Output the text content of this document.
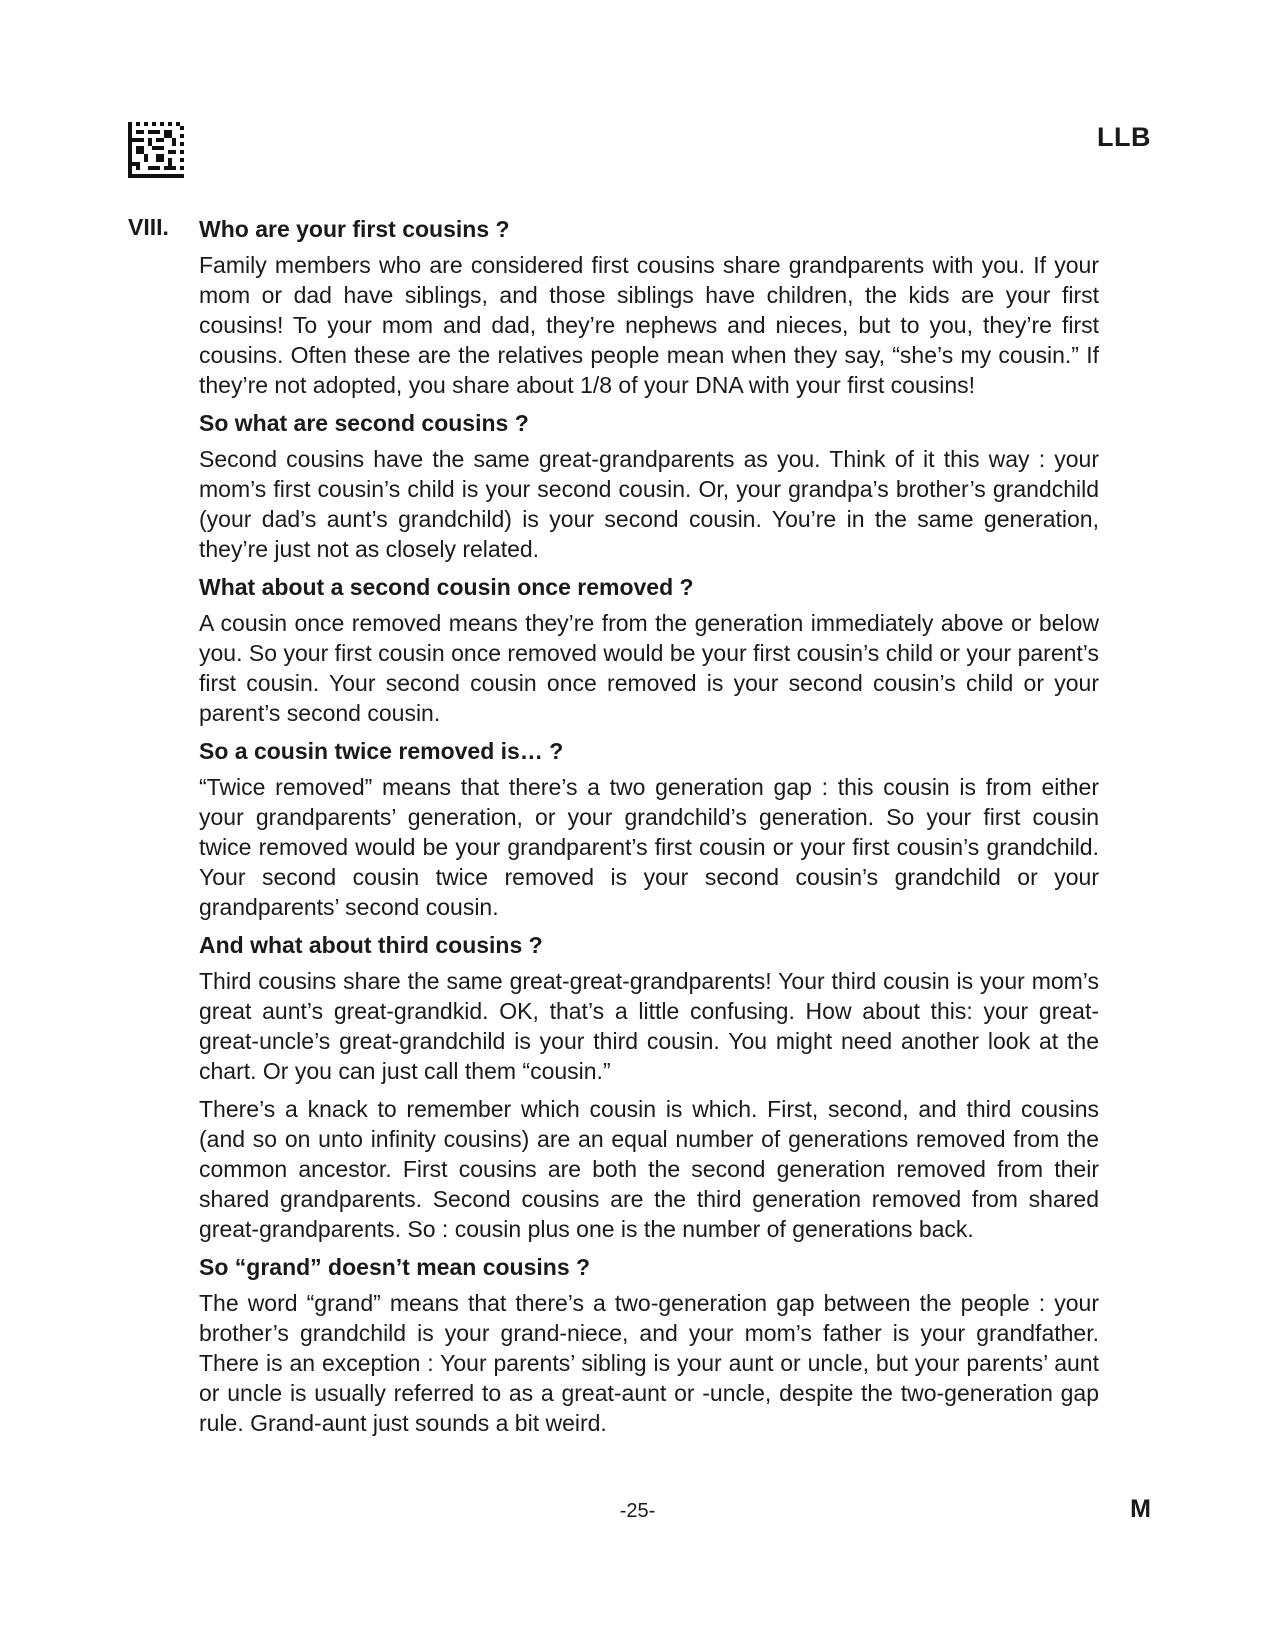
LLB
VIII. Who are your first cousins ?
Family members who are considered first cousins share grandparents with you. If your mom or dad have siblings, and those siblings have children, the kids are your first cousins! To your mom and dad, they’re nephews and nieces, but to you, they’re first cousins. Often these are the relatives people mean when they say, “she’s my cousin.” If they’re not adopted, you share about 1/8 of your DNA with your first cousins!
So what are second cousins ?
Second cousins have the same great-grandparents as you. Think of it this way : your mom’s first cousin’s child is your second cousin. Or, your grandpa’s brother’s grandchild (your dad’s aunt’s grandchild) is your second cousin. You’re in the same generation, they’re just not as closely related.
What about a second cousin once removed ?
A cousin once removed means they’re from the generation immediately above or below you. So your first cousin once removed would be your first cousin’s child or your parent’s first cousin. Your second cousin once removed is your second cousin’s child or your parent’s second cousin.
So a cousin twice removed is… ?
“Twice removed” means that there’s a two generation gap : this cousin is from either your grandparents’ generation, or your grandchild’s generation. So your first cousin twice removed would be your grandparent’s first cousin or your first cousin’s grandchild. Your second cousin twice removed is your second cousin’s grandchild or your grandparents’ second cousin.
And what about third cousins ?
Third cousins share the same great-great-grandparents! Your third cousin is your mom’s great aunt’s great-grandkid. OK, that’s a little confusing. How about this: your great-great-uncle’s great-grandchild is your third cousin. You might need another look at the chart. Or you can just call them “cousin.”
There’s a knack to remember which cousin is which. First, second, and third cousins (and so on unto infinity cousins) are an equal number of generations removed from the common ancestor. First cousins are both the second generation removed from their shared grandparents. Second cousins are the third generation removed from shared great-grandparents. So : cousin plus one is the number of generations back.
So “grand” doesn’t mean cousins ?
The word “grand” means that there’s a two-generation gap between the people : your brother’s grandchild is your grand-niece, and your mom’s father is your grandfather. There is an exception : Your parents’ sibling is your aunt or uncle, but your parents’ aunt or uncle is usually referred to as a great-aunt or -uncle, despite the two-generation gap rule. Grand-aunt just sounds a bit weird.
-25-	M
